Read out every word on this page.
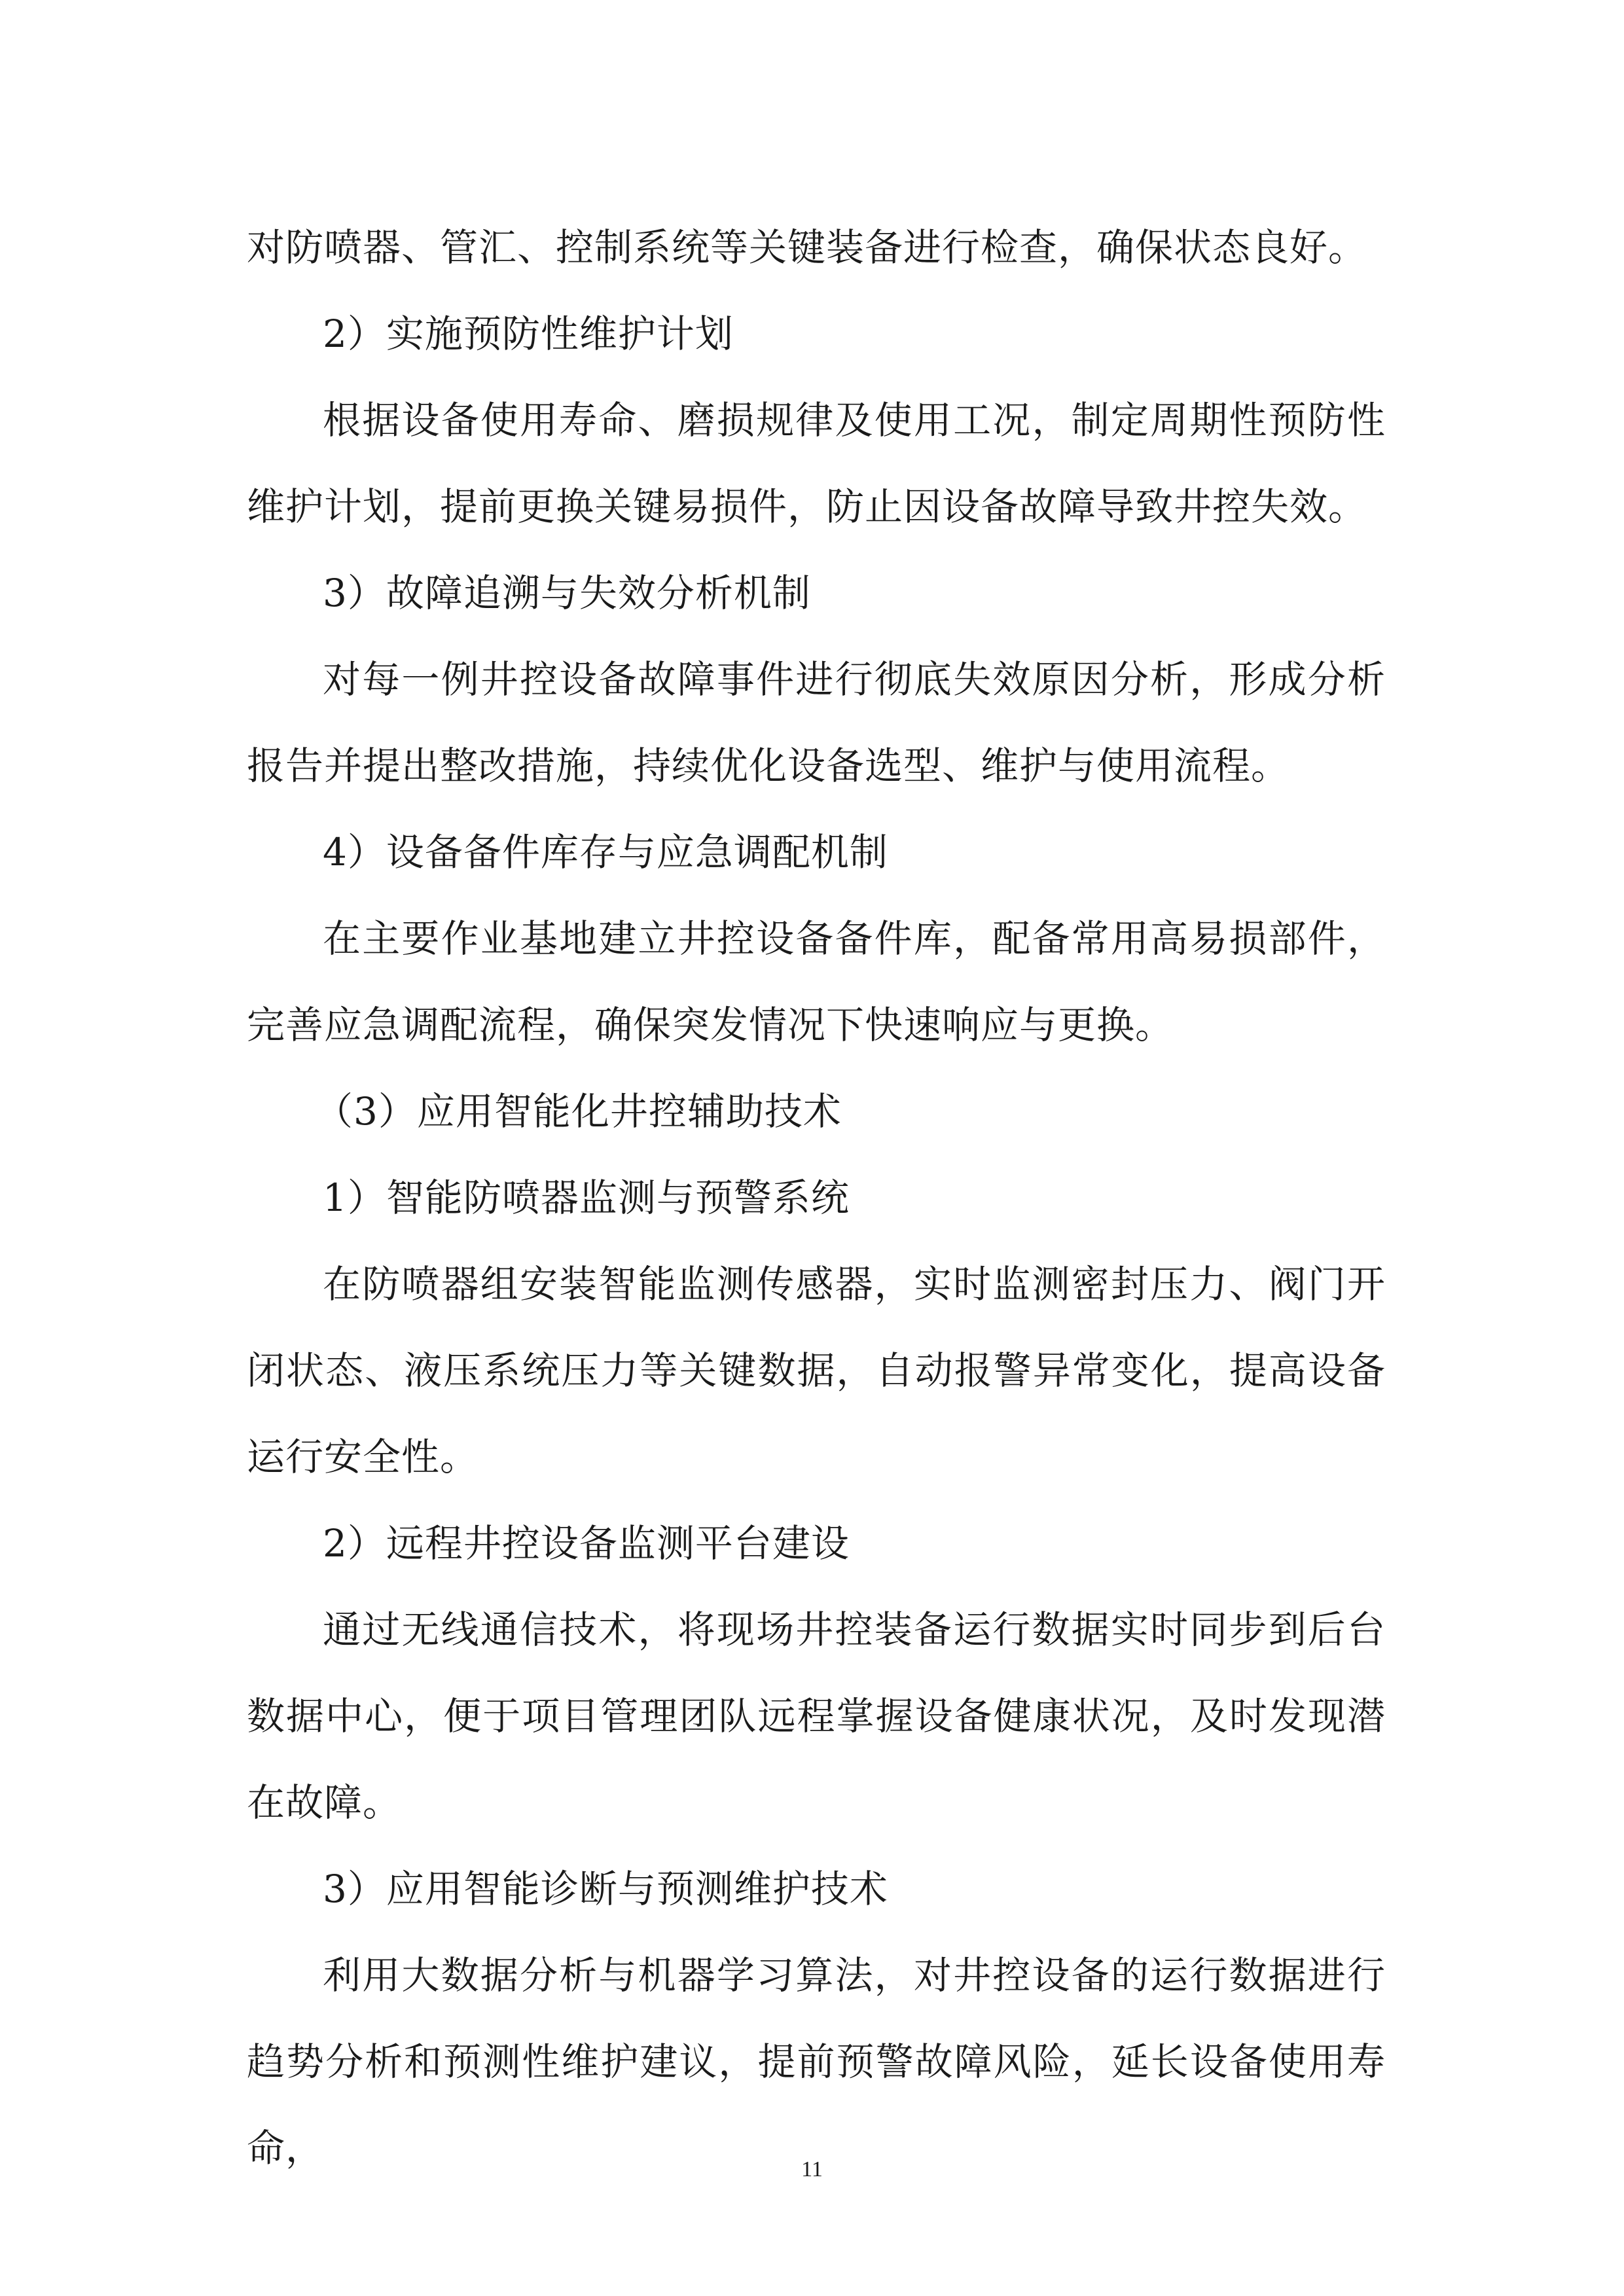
对防喷器、管汇、控制系统等关键装备进行检查，确保状态良好。

2）实施预防性维护计划

根据设备使用寿命、磨损规律及使用工况，制定周期性预防性维护计划，提前更换关键易损件，防止因设备故障导致井控失效。

3）故障追溯与失效分析机制

对每一例井控设备故障事件进行彻底失效原因分析，形成分析报告并提出整改措施，持续优化设备选型、维护与使用流程。

4）设备备件库存与应急调配机制

在主要作业基地建立井控设备备件库，配备常用高易损部件，完善应急调配流程，确保突发情况下快速响应与更换。

（3）应用智能化井控辅助技术

1）智能防喷器监测与预警系统

在防喷器组安装智能监测传感器，实时监测密封压力、阀门开闭状态、液压系统压力等关键数据，自动报警异常变化，提高设备运行安全性。

2）远程井控设备监测平台建设

通过无线通信技术，将现场井控装备运行数据实时同步到后台数据中心，便于项目管理团队远程掌握设备健康状况，及时发现潜在故障。

3）应用智能诊断与预测维护技术

利用大数据分析与机器学习算法，对井控设备的运行数据进行趋势分析和预测性维护建议，提前预警故障风险，延长设备使用寿命，	11
